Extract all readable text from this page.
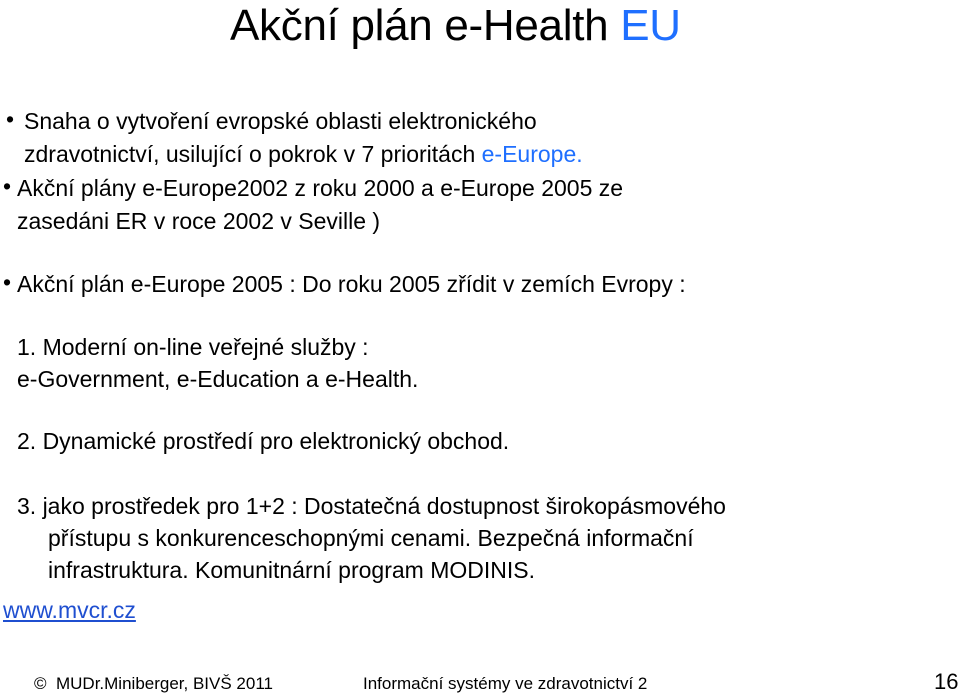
Akční plán e-Health EU
• Snaha o vytvoření evropské oblasti elektronického
zdravotnictví, usilující o pokrok v 7 prioritách e-Europe.
• Akční plány e-Europe2002 z roku 2000 a e-Europe 2005 ze
zasedáni ER v roce 2002 v Seville )
• Akční plán e-Europe 2005 : Do roku 2005 zřídit v zemích Evropy :
1. Moderní on-line veřejné služby :
e-Government, e-Education a e-Health.
2. Dynamické prostředí pro elektronický obchod.
3. jako prostředek pro 1+2 : Dostatečná dostupnost širokopásmového
přístupu s konkurenceschopnými cenami. Bezpečná informační
infrastruktura. Komunitnární program MODINIS.
www.mvcr.cz
© MUDr.Miniberger, BIVŠ 2011	Informační systémy ve zdravotnictví 2	16
